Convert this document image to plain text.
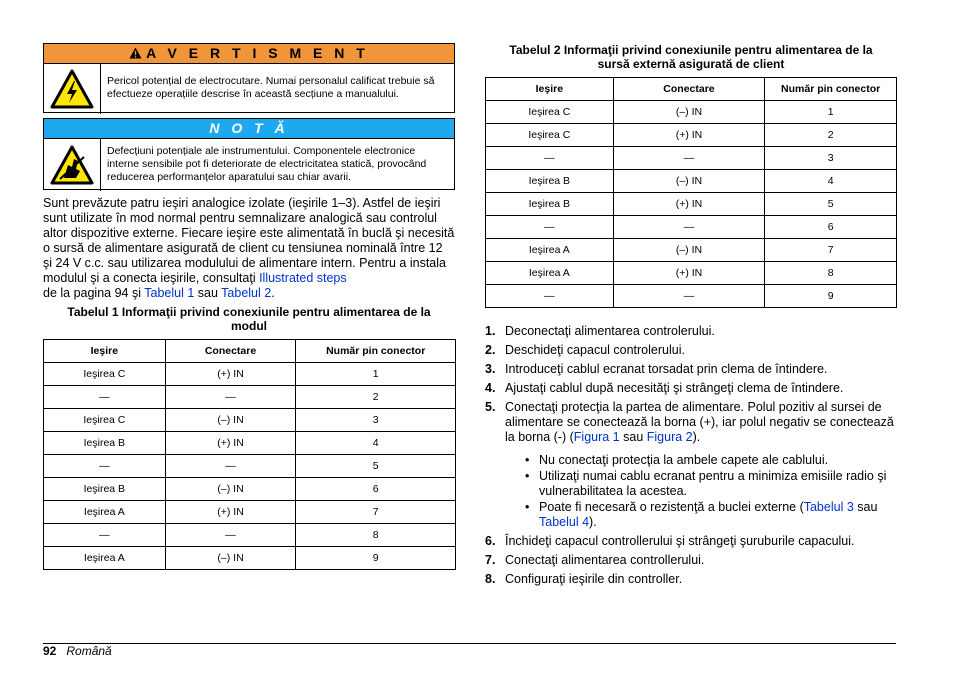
A V E R T I S M E N T
Pericol potențial de electrocutare. Numai personalul calificat trebuie să efectueze operațiile descrise în această secțiune a manualului.
N O T Ă
Defecțiuni potențiale ale instrumentului. Componentele electronice interne sensibile pot fi deteriorate de electricitatea statică, provocând reducerea performanțelor aparatului sau chiar avarii.
Sunt prevăzute patru ieşiri analogice izolate (ieşirile 1–3). Astfel de ieşiri sunt utilizate în mod normal pentru semnalizare analogică sau controlul altor dispozitive externe. Fiecare ieşire este alimentată în buclă şi necesită o sursă de alimentare asigurată de client cu tensiunea nominală între 12 şi 24 V c.c. sau utilizarea modulului de alimentare intern. Pentru a instala modulul şi a conecta ieşirile, consultaţi Illustrated steps
de la pagina 94 şi Tabelul 1 sau Tabelul 2.
Tabelul 1 Informaţii privind conexiunile pentru alimentarea de la
modul
Ieşire	Conectare	Număr pin conector
Ieşirea C	(+) IN	1
—	—	2
Ieşirea C	(–) IN	3
Ieşirea B	(+) IN	4
—	—	5
Ieşirea B	(–) IN	6
Ieşirea A	(+) IN	7
—	—	8
Ieşirea A	(–) IN	9
Tabelul 2 Informaţii privind conexiunile pentru alimentarea de la
sursă externă asigurată de client
Ieşire	Conectare	Număr pin conector
Ieşirea C	(–) IN	1
Ieşirea C	(+) IN	2
—	—	3
Ieşirea B	(–) IN	4
Ieşirea B	(+) IN	5
—	—	6
Ieşirea A	(–) IN	7
Ieşirea A	(+) IN	8
—	—	9
1. Deconectaţi alimentarea controlerului.
2. Deschideţi capacul controlerului.
3. Introduceţi cablul ecranat torsadat prin clema de întindere.
4. Ajustaţi cablul după necesităţi şi strângeţi clema de întindere.
5. Conectaţi protecţia la partea de alimentare. Polul pozitiv al sursei de alimentare se conectează la borna (+), iar polul negativ se conectează la borna (-) (Figura 1 sau Figura 2).
• Nu conectaţi protecţia la ambele capete ale cablului.
• Utilizaţi numai cablu ecranat pentru a minimiza emisiile radio şi vulnerabilitatea la acestea.
• Poate fi necesară o rezistenţă a buclei externe (Tabelul 3 sau Tabelul 4).
6. Închideţi capacul controllerului şi strângeţi şuruburile capacului.
7. Conectaţi alimentarea controllerului.
8. Configuraţi ieşirile din controller.
92 Română
